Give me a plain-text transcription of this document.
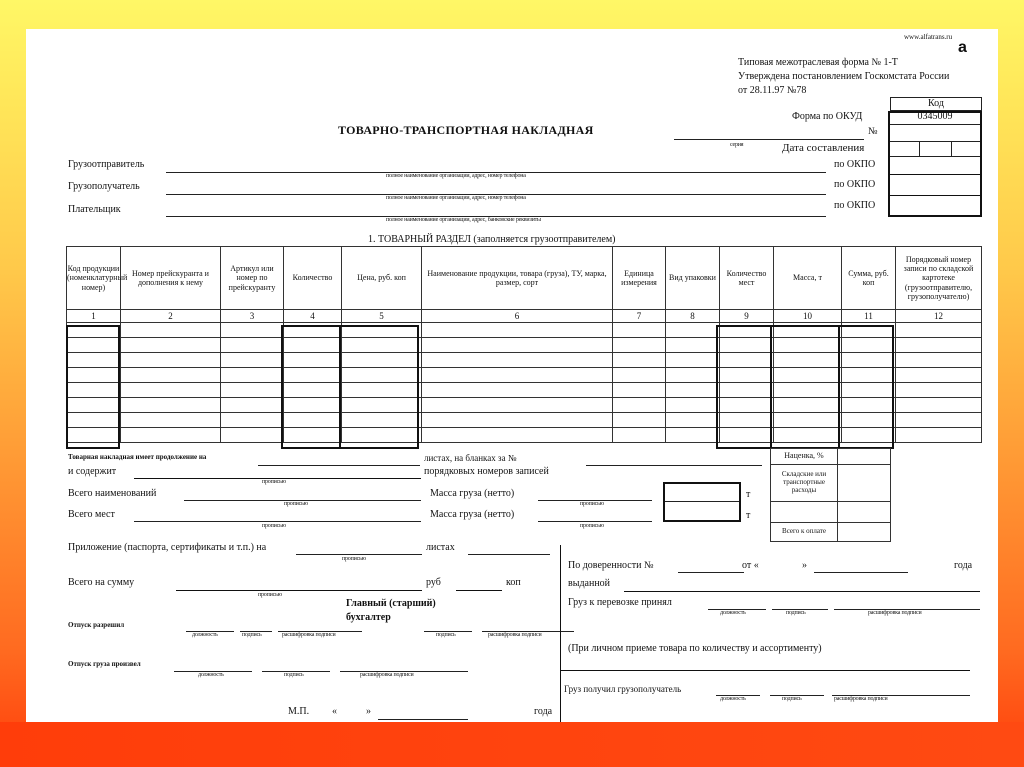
www.alfatrans.ru
a
Типовая межотраслевая форма № 1-Т
Утверждена постановлением Госкомстата России
от 28.11.97 №78
Код
0345009
Форма по ОКУД
№
Дата составления
по ОКПО
по ОКПО
по ОКПО
ТОВАРНО-ТРАНСПОРТНАЯ НАКЛАДНАЯ
серия
Грузоотправитель
полное наименование организации, адрес, номер телефона
Грузополучатель
полное наименование организации, адрес, номер телефона
Плательщик
полное наименование организации, адрес, банковские реквизиты
1. ТОВАРНЫЙ РАЗДЕЛ (заполняется грузоотправителем)
Код продукции (номенклатурный номер)	Номер прейскуранта и дополнения к нему	Артикул или номер по прейскуранту	Количество	Цена, руб. коп	Наименование продукции, товара (груза), ТУ, марка, размер, сорт	Единица измерения	Вид упаковки	Количество мест	Масса, т	Сумма, руб. коп	Порядковый номер записи по складской картотеке (грузоотправителю, грузополучателю)
1	2	3	4	5	6	7	8	9	10	11	12

Товарная накладная имеет продолжение на	листах, на бланках за №
и содержит
прописью
порядковых номеров записей
Всего наименований
прописью
Масса груза (нетто)
прописью
Всего мест
прописью
Масса груза (нетто)
прописью
т
т
Наценка, %	
Складские или транспортные расходы	

Всего к оплате	
Приложение (паспорта, сертификаты и т.п.) на
прописью
листах
Всего на сумму
прописью
руб	коп
Главный (старший) бухгалтер
Отпуск разрешил
должность	подпись	расшифровка подписи	подпись	расшифровка подписи
Отпуск груза произвел
должность	подпись	расшифровка подписи
М.П. «	»	года
По доверенности №	от «	»	года
выданной
Груз к перевозке принял
должность	подпись	расшифровка подписи
(При личном приеме товара по количеству и ассортименту)
Груз получил грузополучатель
должность	подпись	расшифровка подписи
